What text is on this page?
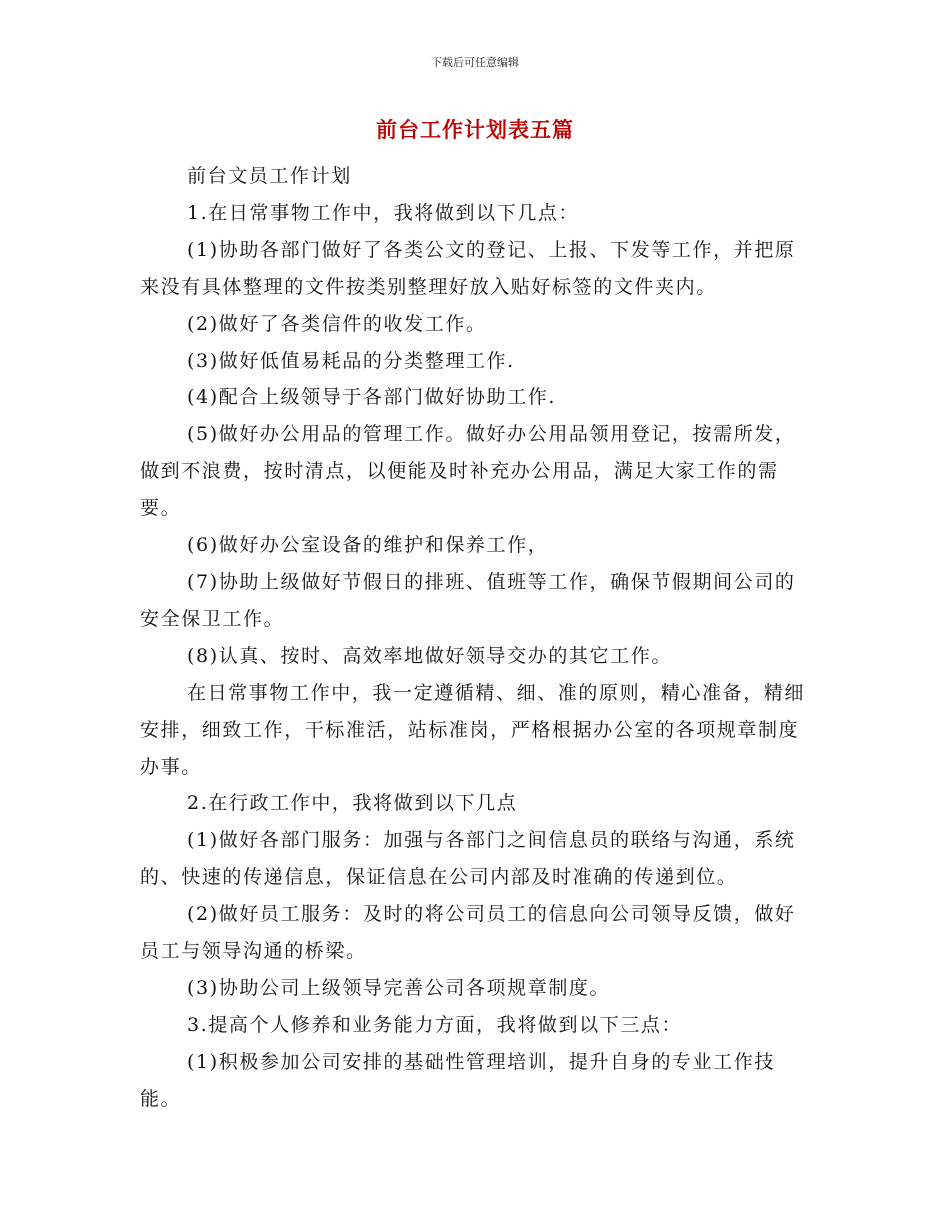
下载后可任意编辑
前台工作计划表五篇

前台文员工作计划

1.在日常事物工作中，我将做到以下几点：

(1)协助各部门做好了各类公文的登记、上报、下发等工作，并把原来没有具体整理的文件按类别整理好放入贴好标签的文件夹内。

(2)做好了各类信件的收发工作。

(3)做好低值易耗品的分类整理工作.

(4)配合上级领导于各部门做好协助工作.

(5)做好办公用品的管理工作。做好办公用品领用登记，按需所发，做到不浪费，按时清点，以便能及时补充办公用品，满足大家工作的需要。

(6)做好办公室设备的维护和保养工作，

(7)协助上级做好节假日的排班、值班等工作，确保节假期间公司的安全保卫工作。

(8)认真、按时、高效率地做好领导交办的其它工作。

在日常事物工作中，我一定遵循精、细、准的原则，精心准备，精细安排，细致工作，干标准活，站标准岗，严格根据办公室的各项规章制度办事。

2.在行政工作中，我将做到以下几点

(1)做好各部门服务：加强与各部门之间信息员的联络与沟通，系统的、快速的传递信息，保证信息在公司内部及时准确的传递到位。

(2)做好员工服务：及时的将公司员工的信息向公司领导反馈，做好员工与领导沟通的桥梁。

(3)协助公司上级领导完善公司各项规章制度。

3.提高个人修养和业务能力方面，我将做到以下三点：

(1)积极参加公司安排的基础性管理培训，提升自身的专业工作技能。
